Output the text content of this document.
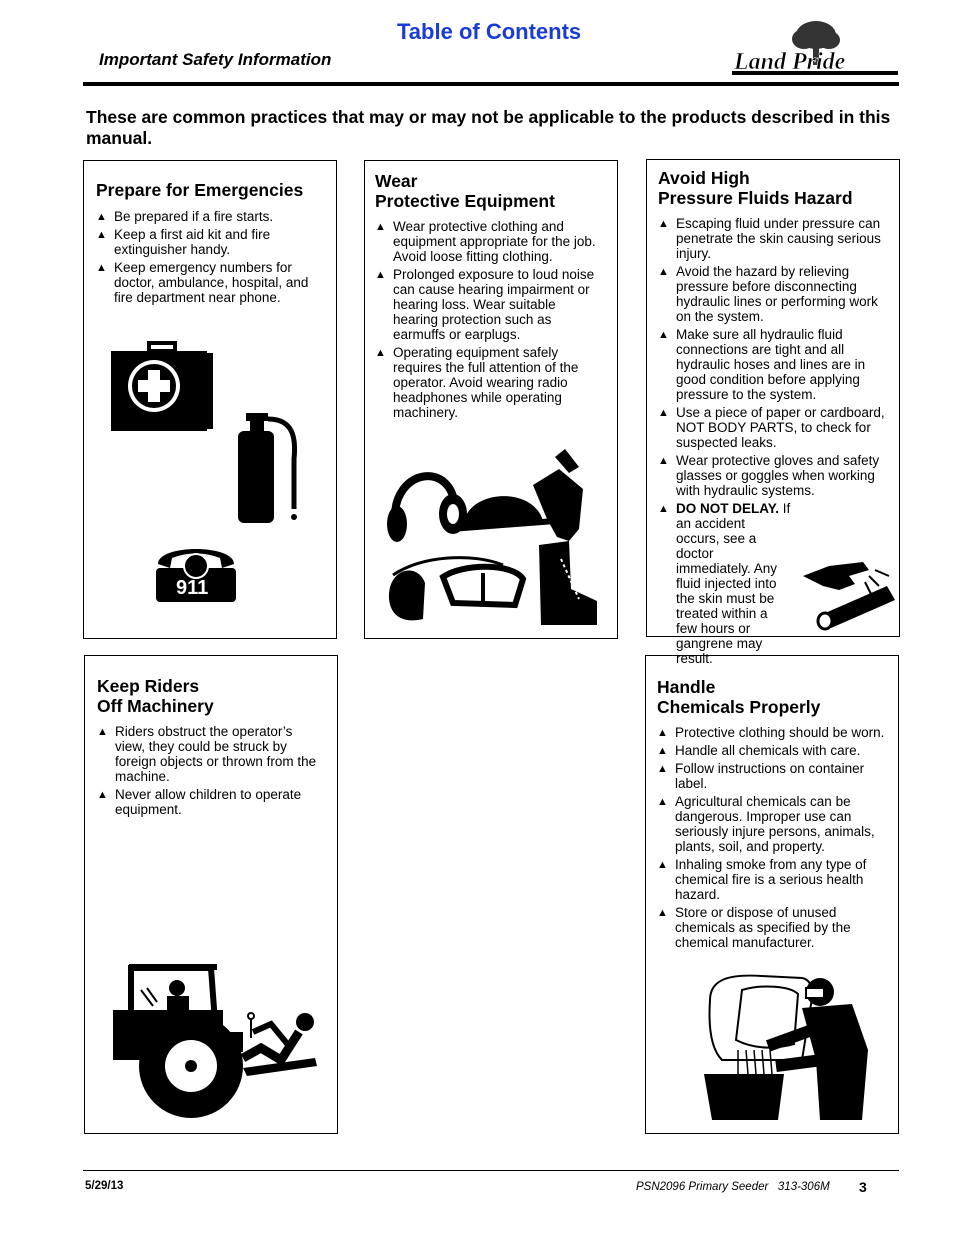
Table of Contents
Important Safety Information	Land Pride
These are common practices that may or may not be applicable to the products described in this manual.
Prepare for Emergencies
▲ Be prepared if a fire starts.
▲ Keep a first aid kit and fire extinguisher handy.
▲ Keep emergency numbers for doctor, ambulance, hospital, and fire department near phone.
911
Wear
Protective Equipment
▲ Wear protective clothing and equipment appropriate for the job. Avoid loose fitting clothing.
▲ Prolonged exposure to loud noise can cause hearing impairment or hearing loss. Wear suitable hearing protection such as earmuffs or earplugs.
▲ Operating equipment safely requires the full attention of the operator. Avoid wearing radio headphones while operating machinery.
Avoid High
Pressure Fluids Hazard
▲ Escaping fluid under pressure can penetrate the skin causing serious injury.
▲ Avoid the hazard by relieving pressure before disconnecting hydraulic lines or performing work on the system.
▲ Make sure all hydraulic fluid connections are tight and all hydraulic hoses and lines are in good condition before applying pressure to the system.
▲ Use a piece of paper or cardboard, NOT BODY PARTS, to check for suspected leaks.
▲ Wear protective gloves and safety glasses or goggles when working with hydraulic systems.
▲ DO NOT DELAY. If an accident occurs, see a doctor immediately. Any fluid injected into the skin must be treated within a few hours or gangrene may result.
Keep Riders
Off Machinery
▲ Riders obstruct the operator’s view, they could be struck by foreign objects or thrown from the machine.
▲ Never allow children to operate equipment.
Handle
Chemicals Properly
▲ Protective clothing should be worn.
▲ Handle all chemicals with care.
▲ Follow instructions on container label.
▲ Agricultural chemicals can be dangerous. Improper use can seriously injure persons, animals, plants, soil, and property.
▲ Inhaling smoke from any type of chemical fire is a serious health hazard.
▲ Store or dispose of unused chemicals as specified by the chemical manufacturer.
5/29/13	PSN2096 Primary Seeder   313-306M 3
